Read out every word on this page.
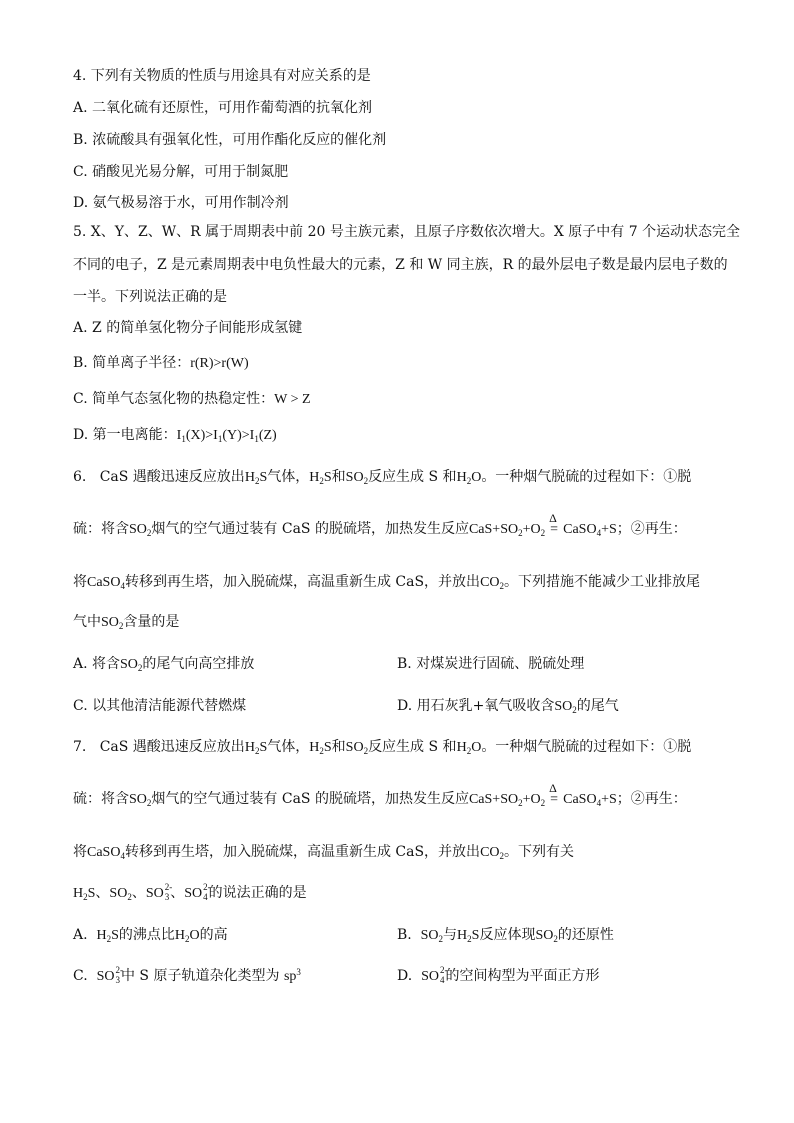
4. 下列有关物质的性质与用途具有对应关系的是
A. 二氧化硫有还原性，可用作葡萄酒的抗氧化剂
B. 浓硫酸具有强氧化性，可用作酯化反应的催化剂
C. 硝酸见光易分解，可用于制氮肥
D. 氨气极易溶于水，可用作制冷剂
5. X、Y、Z、W、R 属于周期表中前 20 号主族元素，且原子序数依次增大。X 原子中有 7 个运动状态完全
不同的电子，Z 是元素周期表中电负性最大的元素，Z 和 W 同主族，R 的最外层电子数是最内层电子数的
一半。下列说法正确的是
A. Z 的简单氢化物分子间能形成氢键
B. 简单离子半径：r(R)>r(W)
C. 简单气态氢化物的热稳定性：W > Z
D. 第一电离能：$I_1(X)>I_1(Y)>I_1(Z)$
6.   CaS 遇酸迅速反应放出$H_2S$气体，$H_2S$和$SO_2$反应生成 S 和$H_2O$。一种烟气脱硫的过程如下：①脱
硫：将含$SO_2$烟气的空气通过装有 CaS 的脱硫塔，加热发生反应$CaS+SO_2+O_2$
Δ
= CaSO$_4$+S；②再生：
将CaSO$_4$转移到再生塔，加入脱硫煤，高温重新生成 CaS，并放出$CO_2$。下列措施不能减少工业排放尾
气中$SO_2$含量的是
A. 将含$SO_2$的尾气向高空排放	B. 对煤炭进行固硫、脱硫处理
C. 以其他清洁能源代替燃煤	D. 用石灰乳+氧气吸收含$SO_2$的尾气
7.   CaS 遇酸迅速反应放出$H_2S$气体，$H_2S$和$SO_2$反应生成 S 和$H_2O$。一种烟气脱硫的过程如下：①脱
硫：将含$SO_2$烟气的空气通过装有 CaS 的脱硫塔，加热发生反应$CaS+SO_2+O_2$
Δ
= CaSO$_4$+S；②再生：
将CaSO$_4$转移到再生塔，加入脱硫煤，高温重新生成 CaS，并放出$CO_2$。下列有关
$H_2S$、$SO_2$、SO 2-
3、SO 2-
4的说法正确的是
A.  $H_2S$的沸点比$H_2O$的高	B.  $SO_2$与$H_2S$反应体现$SO_2$的还原性
C.  SO 2-
3中 S 原子轨道杂化类型为 $sp^3$	D.  SO 2-
4的空间构型为平面正方形
